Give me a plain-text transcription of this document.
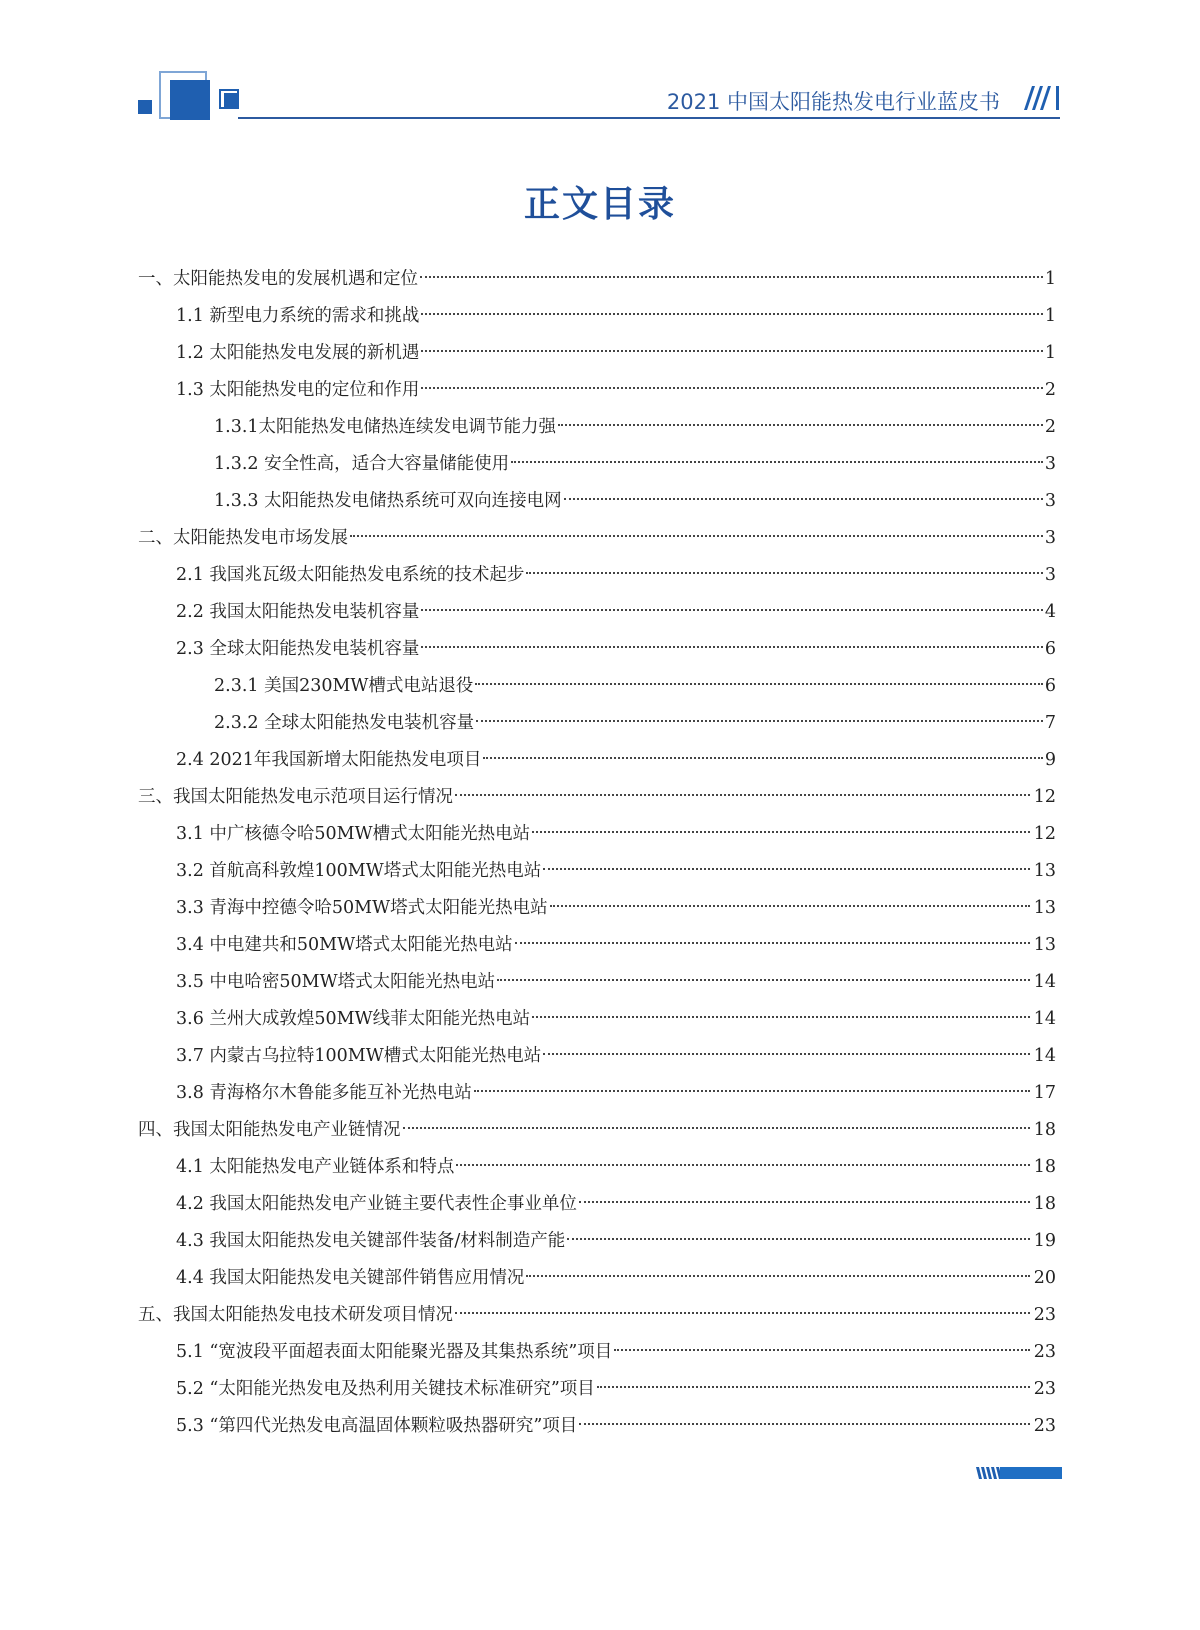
2021 中国太阳能热发电行业蓝皮书
正文目录
一、太阳能热发电的发展机遇和定位	1
1.1 新型电力系统的需求和挑战	1
1.2 太阳能热发电发展的新机遇	1
1.3 太阳能热发电的定位和作用	2
1.3.1太阳能热发电储热连续发电调节能力强	2
1.3.2 安全性高，适合大容量储能使用	3
1.3.3 太阳能热发电储热系统可双向连接电网	3
二、太阳能热发电市场发展	3
2.1 我国兆瓦级太阳能热发电系统的技术起步	3
2.2 我国太阳能热发电装机容量	4
2.3 全球太阳能热发电装机容量	6
2.3.1 美国230MW槽式电站退役	6
2.3.2 全球太阳能热发电装机容量	7
2.4 2021年我国新增太阳能热发电项目	9
三、我国太阳能热发电示范项目运行情况	12
3.1 中广核德令哈50MW槽式太阳能光热电站	12
3.2 首航高科敦煌100MW塔式太阳能光热电站	13
3.3 青海中控德令哈50MW塔式太阳能光热电站	13
3.4 中电建共和50MW塔式太阳能光热电站	13
3.5 中电哈密50MW塔式太阳能光热电站	14
3.6 兰州大成敦煌50MW线菲太阳能光热电站	14
3.7 内蒙古乌拉特100MW槽式太阳能光热电站	14
3.8 青海格尔木鲁能多能互补光热电站	17
四、我国太阳能热发电产业链情况	18
4.1 太阳能热发电产业链体系和特点	18
4.2 我国太阳能热发电产业链主要代表性企事业单位	18
4.3 我国太阳能热发电关键部件装备/材料制造产能	19
4.4 我国太阳能热发电关键部件销售应用情况	20
五、我国太阳能热发电技术研发项目情况	23
5.1 “宽波段平面超表面太阳能聚光器及其集热系统”项目	23
5.2 “太阳能光热发电及热利用关键技术标准研究”项目	23
5.3 “第四代光热发电高温固体颗粒吸热器研究”项目	23
